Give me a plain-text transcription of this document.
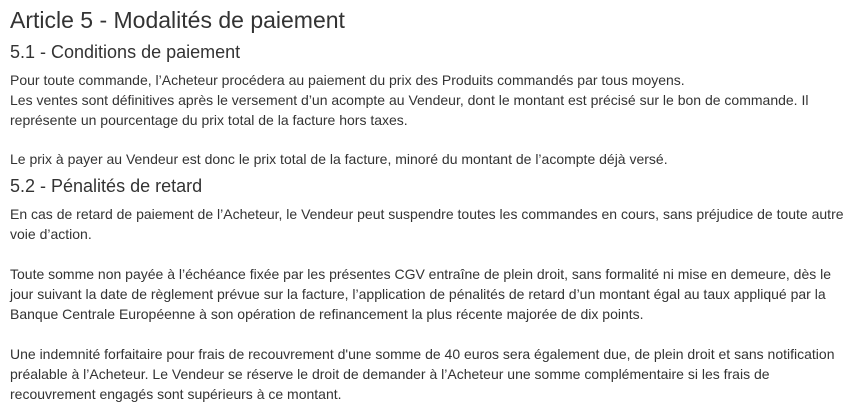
Article 5 - Modalités de paiement
5.1 - Conditions de paiement

Pour toute commande, l’Acheteur procédera au paiement du prix des Produits commandés par tous moyens.
Les ventes sont définitives après le versement d’un acompte au Vendeur, dont le montant est précisé sur le bon de commande. Il représente un pourcentage du prix total de la facture hors taxes.

Le prix à payer au Vendeur est donc le prix total de la facture, minoré du montant de l’acompte déjà versé.

5.2 - Pénalités de retard

En cas de retard de paiement de l’Acheteur, le Vendeur peut suspendre toutes les commandes en cours, sans préjudice de toute autre voie d’action.

Toute somme non payée à l’échéance fixée par les présentes CGV entraîne de plein droit, sans formalité ni mise en demeure, dès le jour suivant la date de règlement prévue sur la facture, l’application de pénalités de retard d’un montant égal au taux appliqué par la Banque Centrale Européenne à son opération de refinancement la plus récente majorée de dix points.

Une indemnité forfaitaire pour frais de recouvrement d'une somme de 40 euros sera également due, de plein droit et sans notification préalable à l’Acheteur. Le Vendeur se réserve le droit de demander à l’Acheteur une somme complémentaire si les frais de recouvrement engagés sont supérieurs à ce montant.
